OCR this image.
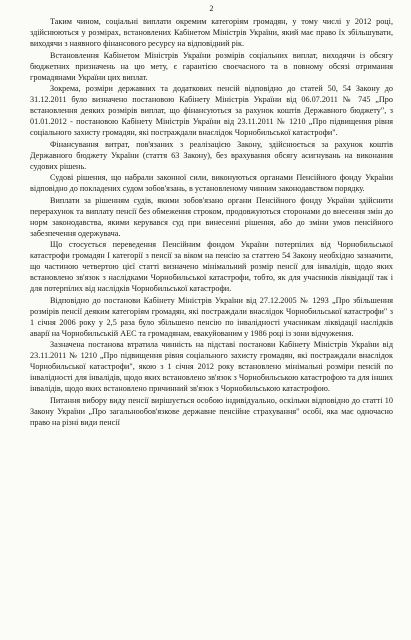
2

Таким чином, соціальні виплати окремим категоріям громадян, у тому числі у 2012 році, здійснюються у розмірах, встановлених Кабінетом Міністрів України, який має право їх збільшувати, виходячи з наявного фінансового ресурсу на відповідний рік.

Встановлення Кабінетом Міністрів України розмірів соціальних виплат, виходячи із обсягу бюджетних призначень на цю мету, є гарантією своєчасного та в повному обсязі отримання громадянами України цих виплат.

Зокрема, розміри державних та додаткових пенсій відповідно до статей 50, 54 Закону до 31.12.2011 було визначено постановою Кабінету Міністрів України від 06.07.2011 № 745 „Про встановлення деяких розмірів виплат, що фінансуються за рахунок коштів Державного бюджету", з 01.01.2012 - постановою Кабінету Міністрів України від 23.11.2011 № 1210 „Про підвищення рівня соціального захисту громадян, які постраждали внаслідок Чорнобильської катастрофи".

Фінансування витрат, пов'язаних з реалізацією Закону, здійснюється за рахунок коштів Державного бюджету України (стаття 63 Закону), без врахування обсягу асигнувань на виконання судових рішень.

Судові рішення, що набрали законної сили, виконуються органами Пенсійного фонду України відповідно до покладених судом зобов'язань, в установленому чинним законодавством порядку.

Виплати за рішенням судів, якими зобов'язано органи Пенсійного фонду України здійснити перерахунок та виплату пенсії без обмеження строком, продовжуються сторонами до внесення змін до норм законодавства, якими керувався суд при винесенні рішення, або до зміни умов пенсійного забезпечення одержувача.

Що стосується переведення Пенсійним фондом України потерпілих від Чорнобильської катастрофи громадян I категорії з пенсії за віком на пенсію за статтею 54 Закону необхідно зазначити, що частиною четвертою цієї статті визначено мінімальний розмір пенсії для інвалідів, щодо яких встановлено зв'язок з наслідками Чорнобильської катастрофи, тобто, як для учасників ліквідації так і для потерпілих від наслідків Чорнобильської катастрофи.

Відповідно до постанови Кабінету Міністрів України від 27.12.2005 № 1293 „Про збільшення розмірів пенсії деяким категоріям громадян, які постраждали внаслідок Чорнобильської катастрофи" з 1 січня 2006 року у 2,5 раза було збільшено пенсію по інвалідності учасникам ліквідації наслідків аварії на Чорнобильській АЕС та громадянам, евакуйованим у 1986 році із зони відчуження.

Зазначена постанова втратила чинність на підставі постанови Кабінету Міністрів України від 23.11.2011 № 1210 „Про підвищення рівня соціального захисту громадян, які постраждали внаслідок Чорнобильської катастрофи", якою з 1 січня 2012 року встановлено мінімальні розміри пенсій по інвалідності для інвалідів, щодо яких встановлено зв'язок з Чорнобильською катастрофою та для інших інвалідів, щодо яких встановлено причинний зв'язок з Чорнобильською катастрофою.

Питання вибору виду пенсії вирішується особою індивідуально, оскільки відповідно до статті 10 Закону України „Про загальнообов'язкове державне пенсійне страхування" особі, яка має одночасно право на різні види пенсії
